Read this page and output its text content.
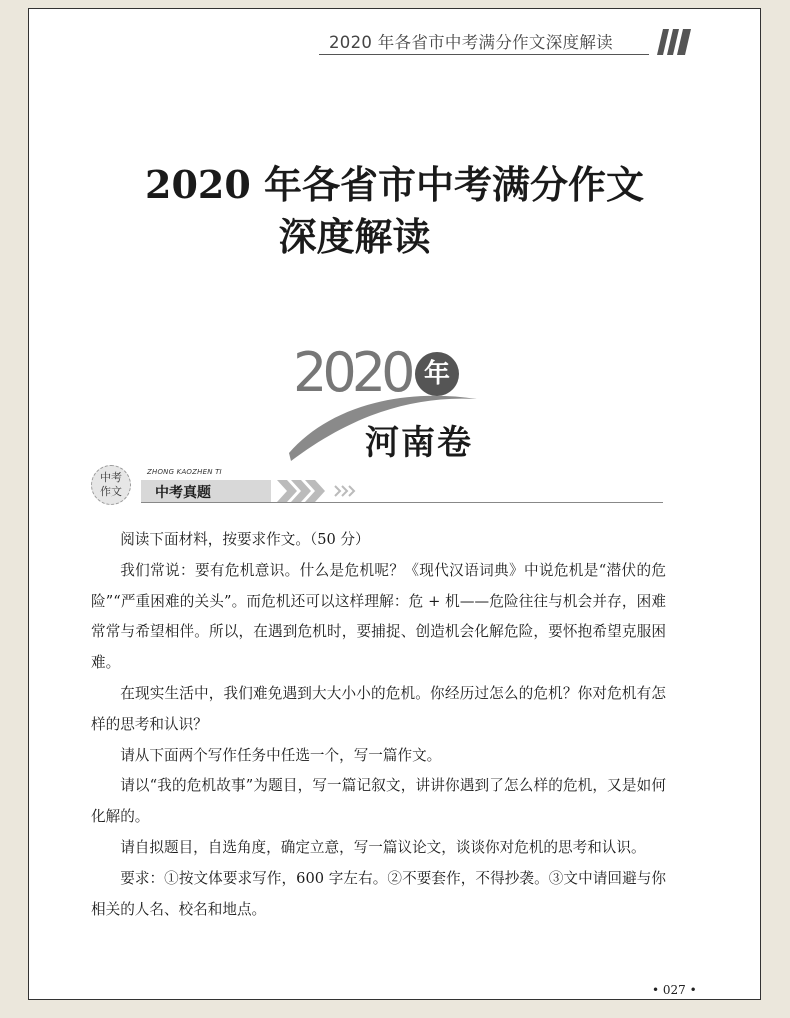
2020 年各省市中考满分作文深度解读
2020 年各省市中考满分作文
深度解读
2020 年
河南卷
中考
作文
ZHONG KAOZHEN TI
中考真题

阅读下面材料，按要求作文。（50 分）

我们常说：要有危机意识。什么是危机呢？《现代汉语词典》中说危机是“潜伏的危险”“严重困难的关头”。而危机还可以这样理解：危 + 机——危险往往与机会并存，困难常常与希望相伴。所以，在遇到危机时，要捕捉、创造机会化解危险，要怀抱希望克服困难。

在现实生活中，我们难免遇到大大小小的危机。你经历过怎么的危机？你对危机有怎样的思考和认识？

请从下面两个写作任务中任选一个，写一篇作文。

请以“我的危机故事”为题目，写一篇记叙文，讲讲你遇到了怎么样的危机，又是如何化解的。

请自拟题目，自选角度，确定立意，写一篇议论文，谈谈你对危机的思考和认识。

要求：①按文体要求写作，600 字左右。②不要套作，不得抄袭。③文中请回避与你相关的人名、校名和地点。

• 027 •
